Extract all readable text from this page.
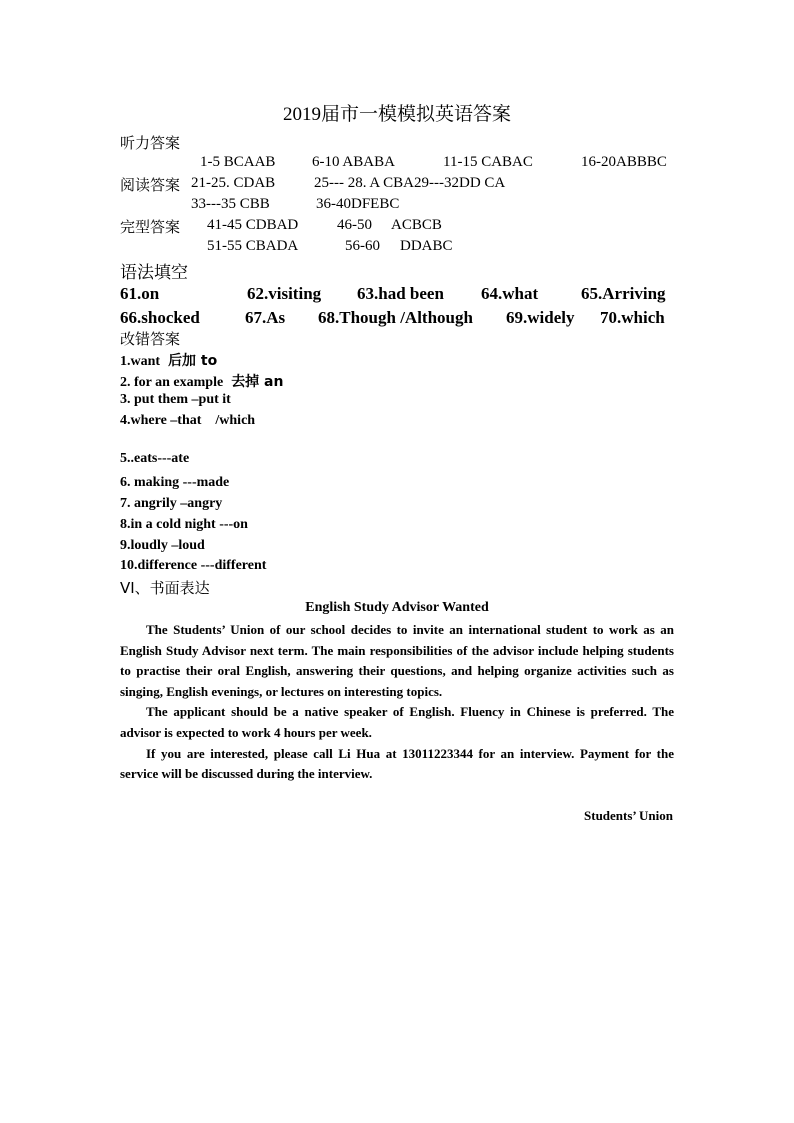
2019届市一模模拟英语答案
听力答案
1-5 BCAAB 6-10 ABABA	11-15 CABAC	16-20ABBBC
阅读答案 21-25. CDAB	25--- 28. A CBA29---32DD CA
33---35 CBB	36-40DFEBC
完型答案 41-45 CDBAD	46-50 ACBCB
51-55 CBADA	56-60 DDABC
语法填空
61.on	62.visiting 63.had been 64.what	65.Arriving
66.shocked	67.As 68.Though /Although 69.widely 70.which
改错答案
1.want 后加 to
2. for an example 去掉 an
3. put them –put it
4.where –that    /which
5..eats---ate
6. making ---made
7. angrily –angry
8.in a cold night ---on
9.loudly –loud
10.difference ---different
VI、书面表达
English Study Advisor Wanted

The Students’ Union of our school decides to invite an international student to work as an English Study Advisor next term. The main responsibilities of the advisor include helping students to practise their oral English, answering their questions, and helping organize activities such as singing, English evenings, or lectures on interesting topics.

The applicant should be a native speaker of English. Fluency in Chinese is preferred. The advisor is expected to work 4 hours per week.

If you are interested, please call Li Hua at 13011223344 for an interview. Payment for the service will be discussed during the interview.

Students’ Union
